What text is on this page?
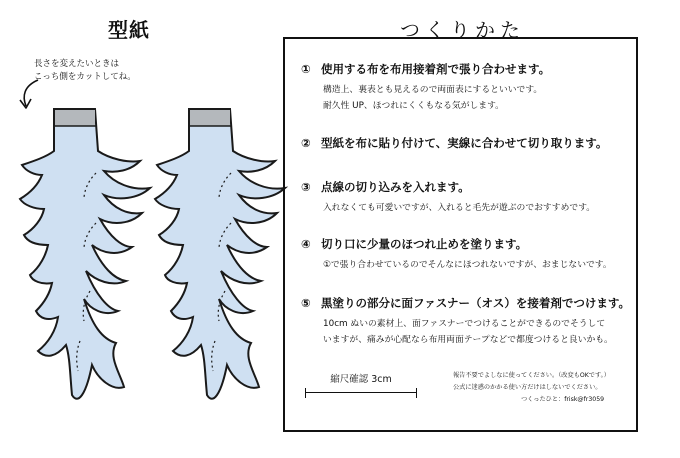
型紙
長さを変えたいときは
こっち側をカットしてね。
つくりかた
① 使用する布を布用接着剤で張り合わせます。
構造上、裏表とも見えるので両面表にするといいです。
耐久性 UP、ほつれにくくもなる気がします。
② 型紙を布に貼り付けて、実線に合わせて切り取ります。
③ 点線の切り込みを入れます。
入れなくても可愛いですが、入れると毛先が遊ぶのでおすすめです。
④ 切り口に少量のほつれ止めを塗ります。
①で張り合わせているのでそんなにほつれないですが、おまじないです。
⑤ 黒塗りの部分に面ファスナー（オス）を接着剤でつけます。
10cm ぬいの素材上、面ファスナーでつけることができるのでそうして
いますが、痛みが心配なら布用両面テープなどで都度つけると良いかも。
縮尺確認 3cm	報告不要でよしなに使ってください。（改変もOKです。）
公式に迷惑のかかる使い方だけはしないでください。
つくったひと：frisk@fr3059
